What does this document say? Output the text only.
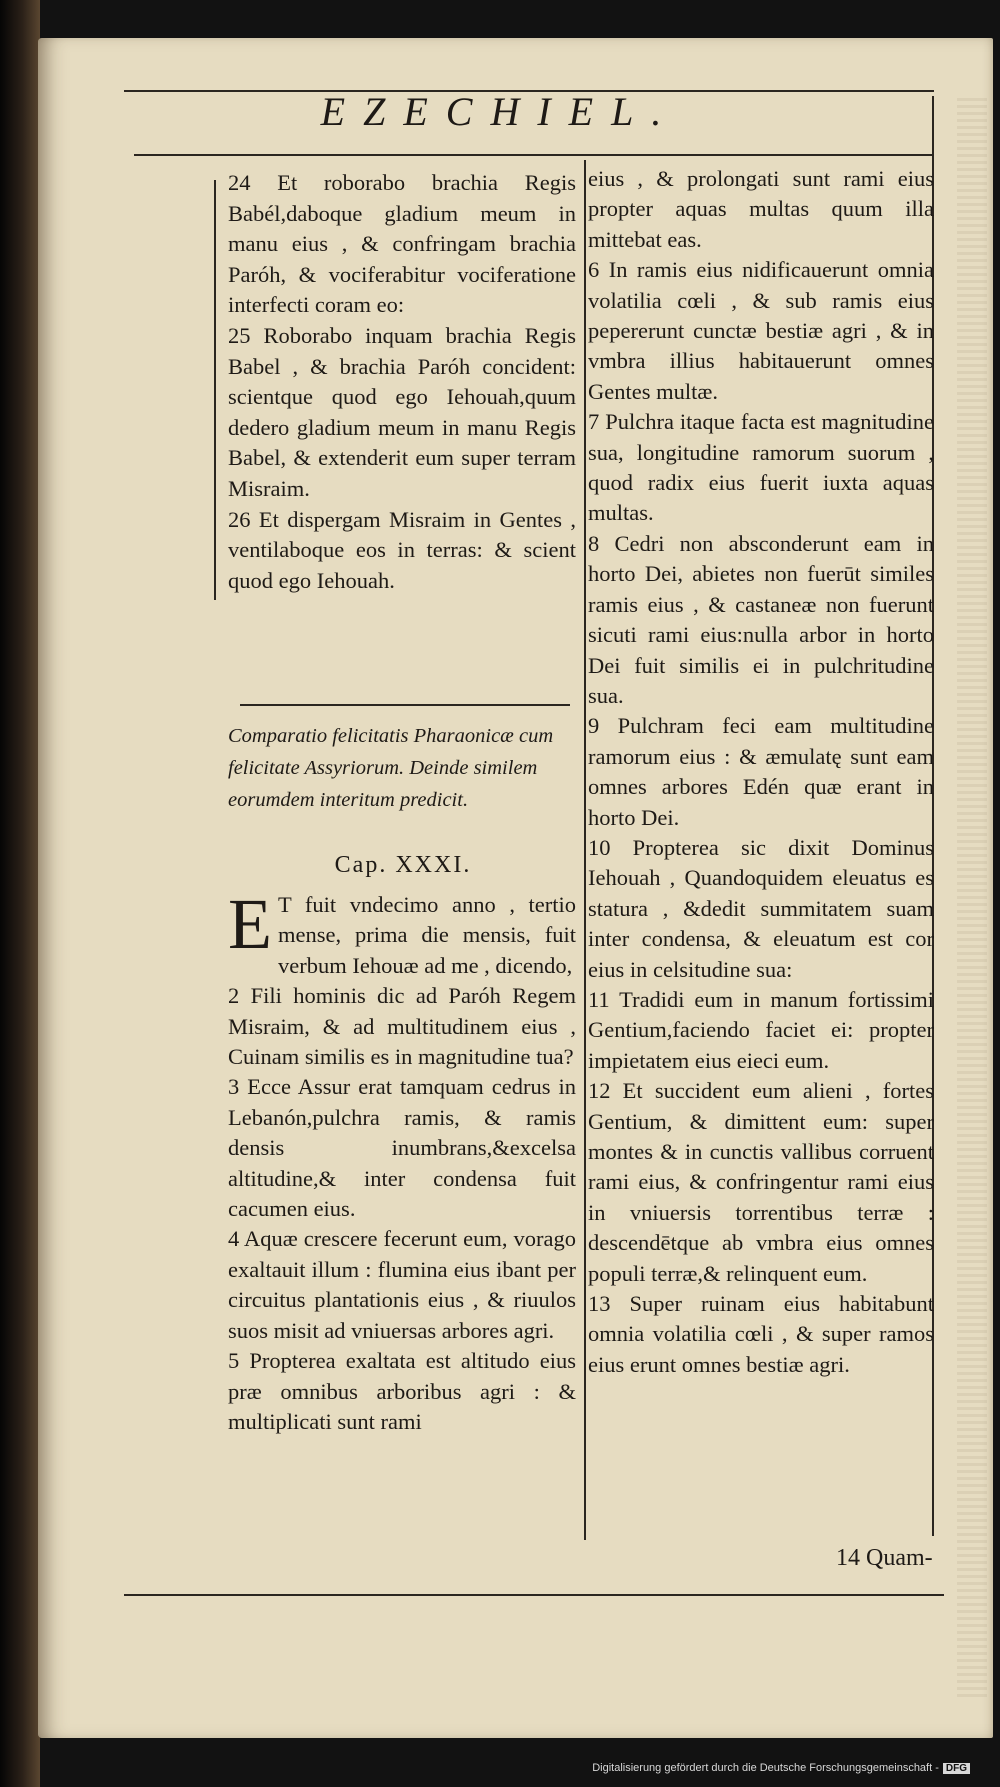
EZECHIEL.

24 Et roborabo brachia Regis Babél,daboque gladium meum in manu eius , & confringam brachia Paróh, & vociferabitur vociferatione interfecti coram eo:

25 Roborabo inquam brachia Regis Babel , & brachia Paróh concident: scientque quod ego Iehouah,quum dedero gladium meum in manu Regis Babel, & extenderit eum super terram Misraim.

26 Et dispergam Misraim in Gentes , ventilaboque eos in terras: & scient quod ego Iehouah.

Comparatio felicitatis Pharaonicæ cum felicitate Assyriorum. Deinde similem eorumdem interitum predicit.
Cap. XXXI.
E T fuit vndecimo anno , tertio mense, prima die mensis, fuit verbum Iehouæ ad me , dicendo,

2 Fili hominis dic ad Paróh Regem Misraim, & ad multitudinem eius , Cuinam similis es in magnitudine tua?

3 Ecce Assur erat tamquam cedrus in Lebanón,pulchra ramis, & ramis densis inumbrans,&excelsa altitudine,& inter condensa fuit cacumen eius.

4 Aquæ crescere fecerunt eum, vorago exaltauit illum : flumina eius ibant per circuitus plantationis eius , & riuulos suos misit ad vniuersas arbores agri.

5 Propterea exaltata est altitudo eius præ omnibus arboribus agri : & multiplicati sunt rami

eius , & prolongati sunt rami eius propter aquas multas quum illa mittebat eas.

6 In ramis eius nidificauerunt omnia volatilia cœli , & sub ramis eius pepererunt cunctæ bestiæ agri , & in vmbra illius habitauerunt omnes Gentes multæ.

7 Pulchra itaque facta est magnitudine sua, longitudine ramorum suorum , quod radix eius fuerit iuxta aquas multas.

8 Cedri non absconderunt eam in horto Dei, abietes non fuerūt similes ramis eius , & castaneæ non fuerunt sicuti rami eius:nulla arbor in horto Dei fuit similis ei in pulchritudine sua.

9 Pulchram feci eam multitudine ramorum eius : & æmulatę sunt eam omnes arbores Edén quæ erant in horto Dei.

10 Propterea sic dixit Dominus Iehouah , Quandoquidem eleuatus es statura , &dedit summitatem suam inter condensa, & eleuatum est cor eius in celsitudine sua:

11 Tradidi eum in manum fortissimi Gentium,faciendo faciet ei: propter impietatem eius eieci eum.

12 Et succident eum alieni , fortes Gentium, & dimittent eum: super montes & in cunctis vallibus corruent rami eius, & confringentur rami eius in vniuersis torrentibus terræ : descendētque ab vmbra eius omnes populi terræ,& relinquent eum.

13 Super ruinam eius habitabunt omnia volatilia cœli , & super ramos eius erunt omnes bestiæ agri.

14 Quam-
Digitalisierung gefördert durch die Deutsche Forschungsgemeinschaft - DFG
